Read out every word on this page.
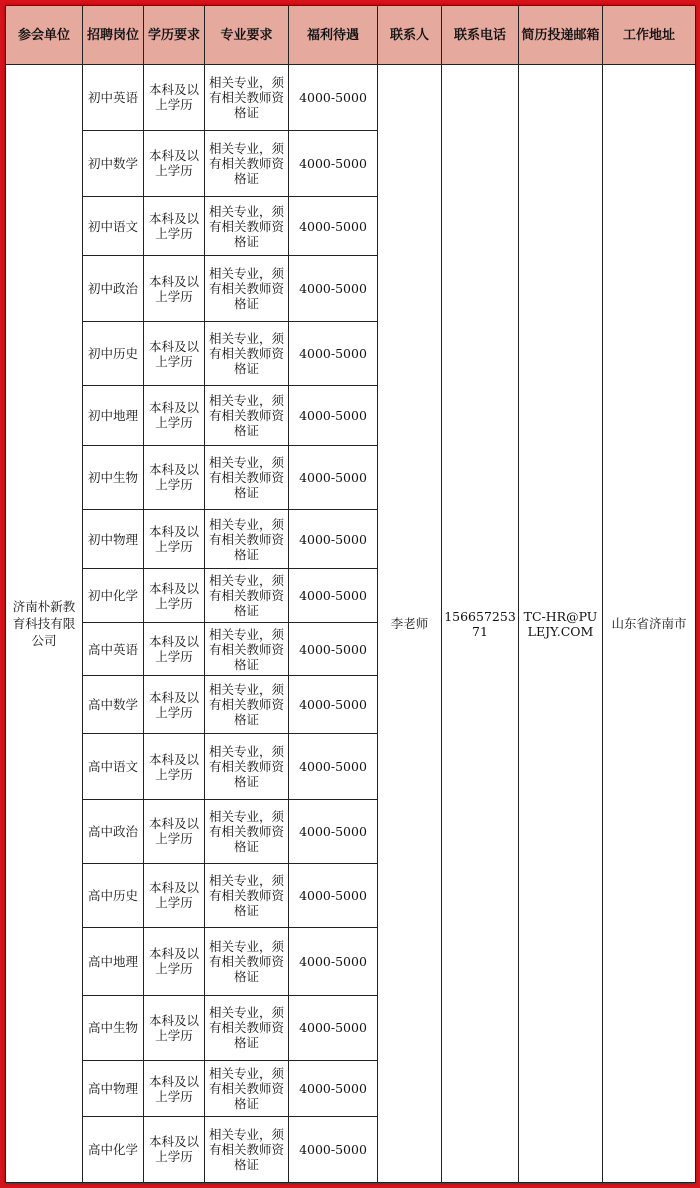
参会单位	招聘岗位	学历要求	专业要求	福利待遇	联系人	联系电话	简历投递邮箱	工作地址
济南朴新教育科技有限公司	初中英语	本科及以上学历	相关专业，须有相关教师资格证	4000-5000	李老师	15665725371	TC-HR@PULEJY.COM	山东省济南市
	初中数学	本科及以上学历	相关专业，须有相关教师资格证	4000-5000				
	初中语文	本科及以上学历	相关专业，须有相关教师资格证	4000-5000				
	初中政治	本科及以上学历	相关专业，须有相关教师资格证	4000-5000				
	初中历史	本科及以上学历	相关专业，须有相关教师资格证	4000-5000				
	初中地理	本科及以上学历	相关专业，须有相关教师资格证	4000-5000				
	初中生物	本科及以上学历	相关专业，须有相关教师资格证	4000-5000				
	初中物理	本科及以上学历	相关专业，须有相关教师资格证	4000-5000				
	初中化学	本科及以上学历	相关专业，须有相关教师资格证	4000-5000				
	高中英语	本科及以上学历	相关专业，须有相关教师资格证	4000-5000				
	高中数学	本科及以上学历	相关专业，须有相关教师资格证	4000-5000				
	高中语文	本科及以上学历	相关专业，须有相关教师资格证	4000-5000				
	高中政治	本科及以上学历	相关专业，须有相关教师资格证	4000-5000				
	高中历史	本科及以上学历	相关专业，须有相关教师资格证	4000-5000				
	高中地理	本科及以上学历	相关专业，须有相关教师资格证	4000-5000				
	高中生物	本科及以上学历	相关专业，须有相关教师资格证	4000-5000				
	高中物理	本科及以上学历	相关专业，须有相关教师资格证	4000-5000				
	高中化学	本科及以上学历	相关专业，须有相关教师资格证	4000-5000				
